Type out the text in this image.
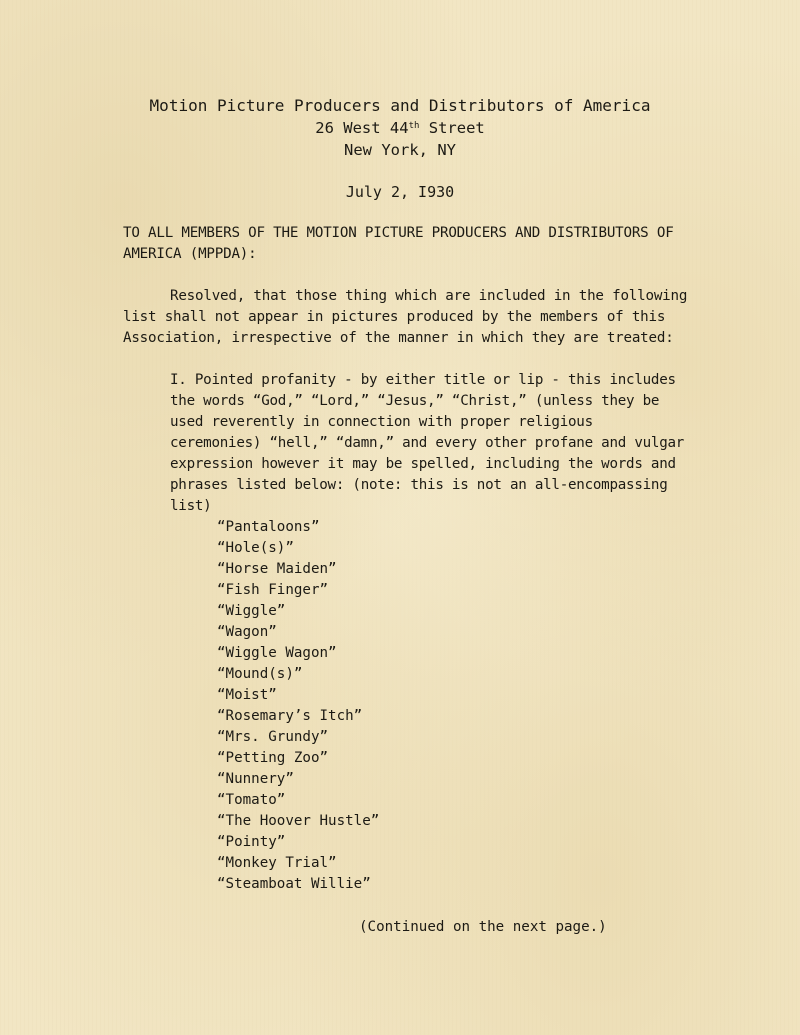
Motion Picture Producers and Distributors of America
26 West 44th Street
New York, NY
July 2, I930
TO ALL MEMBERS OF THE MOTION PICTURE PRODUCERS AND DISTRIBUTORS OF AMERICA (MPPDA):
Resolved, that those thing which are included in the following list shall not appear in pictures produced by the members of this Association, irrespective of the manner in which they are treated:
I. Pointed profanity - by either title or lip - this includes the words “God,” “Lord,” “Jesus,” “Christ,” (unless they be used reverently in connection with proper religious ceremonies) “hell,” “damn,” and every other profane and vulgar expression however it may be spelled, including the words and phrases listed below: (note: this is not an all-encompassing list)
“Pantaloons”
“Hole(s)”
“Horse Maiden”
“Fish Finger”
“Wiggle”
“Wagon”
“Wiggle Wagon”
“Mound(s)”
“Moist”
“Rosemary’s Itch”
“Mrs. Grundy”
“Petting Zoo”
“Nunnery”
“Tomato”
“The Hoover Hustle”
“Pointy”
“Monkey Trial”
“Steamboat Willie”
(Continued on the next page.)
